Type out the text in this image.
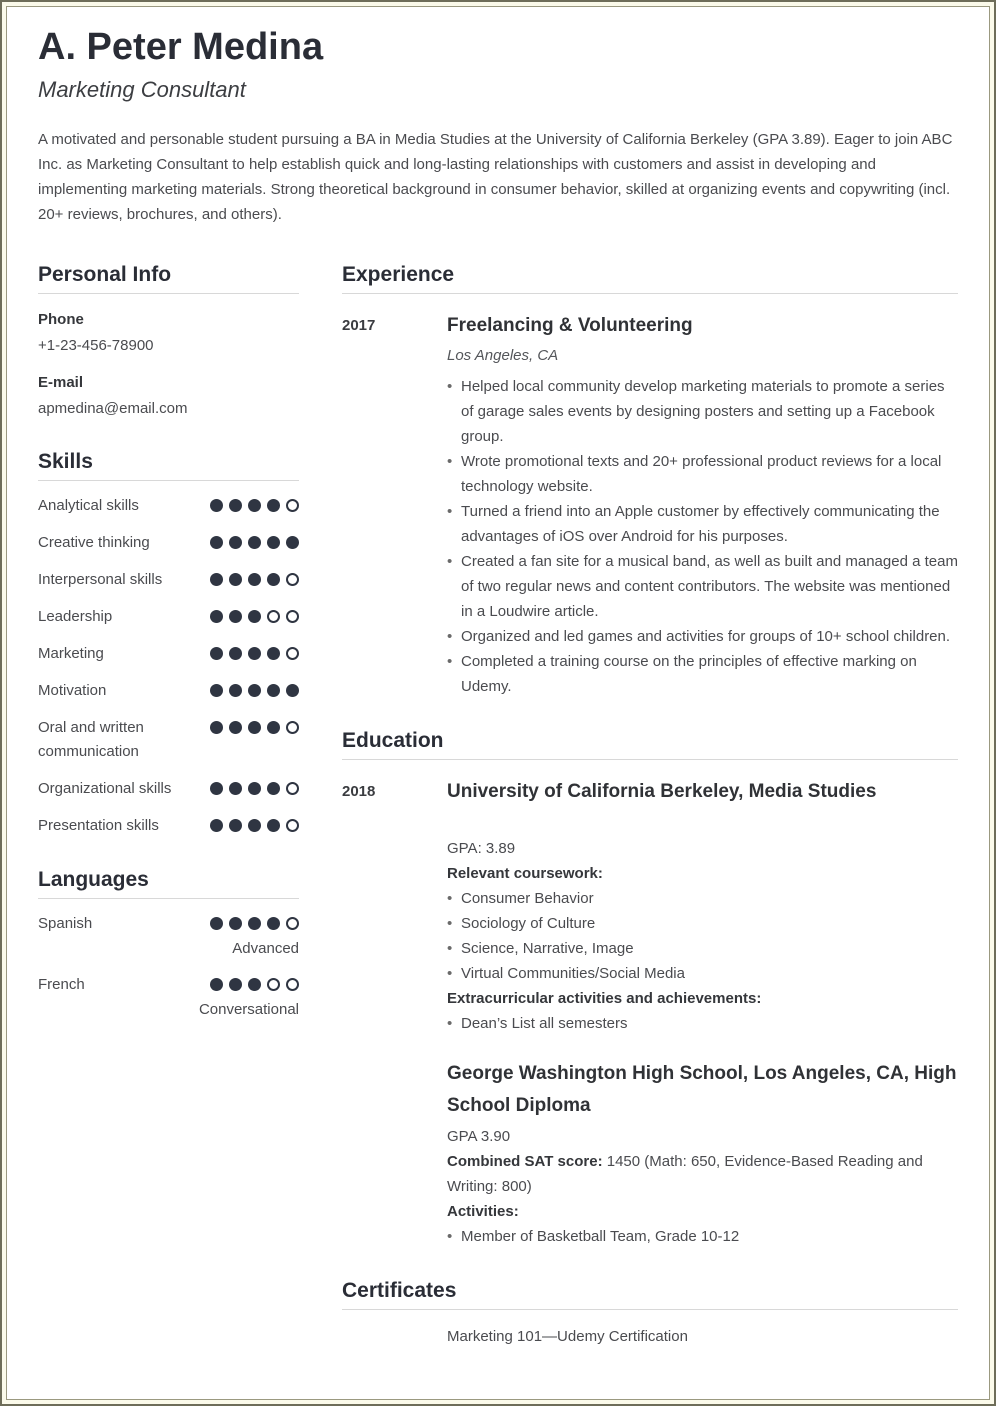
A. Peter Medina
Marketing Consultant

A motivated and personable student pursuing a BA in Media Studies at the University of California Berkeley (GPA 3.89). Eager to join ABC Inc. as Marketing Consultant to help establish quick and long-lasting relationships with customers and assist in developing and implementing marketing materials. Strong theoretical background in consumer behavior, skilled at organizing events and copywriting (incl. 20+ reviews, brochures, and others).

Personal Info
Phone
+1-23-456-78900
E-mail
apmedina@email.com
Skills
Analytical skills
Creative thinking
Interpersonal skills
Leadership
Marketing
Motivation
Oral and written communication
Organizational skills
Presentation skills
Languages
Spanish
Advanced
French
Conversational
Experience
2017	Freelancing & Volunteering
Los Angeles, CA
• Helped local community develop marketing materials to promote a series of garage sales events by designing posters and setting up a Facebook group.
• Wrote promotional texts and 20+ professional product reviews for a local technology website.
• Turned a friend into an Apple customer by effectively communicating the advantages of iOS over Android for his purposes.
• Created a fan site for a musical band, as well as built and managed a team of two regular news and content contributors. The website was mentioned in a Loudwire article.
• Organized and led games and activities for groups of 10+ school children.
• Completed a training course on the principles of effective marking on Udemy.
Education
2018	University of California Berkeley, Media Studies
GPA: 3.89
Relevant coursework:
• Consumer Behavior
• Sociology of Culture
• Science, Narrative, Image
• Virtual Communities/Social Media
Extracurricular activities and achievements:
• Dean’s List all semesters
George Washington High School, Los Angeles, CA, High School Diploma
GPA 3.90
Combined SAT score: 1450 (Math: 650, Evidence-Based Reading and Writing: 800)
Activities:
• Member of Basketball Team, Grade 10-12
Certificates
Marketing 101—Udemy Certification
